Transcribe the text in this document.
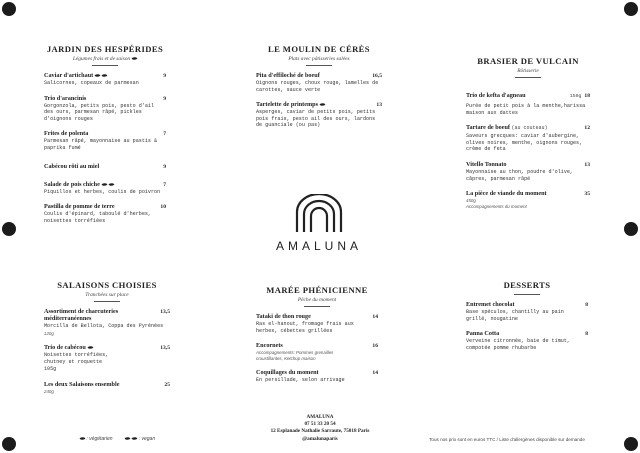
JARDIN DES HESPÉRIDES
Légumes frais et de saison
Caviar d'artichaut	9
Salicornes, copeaux de parmesan
Trio d'arancinis	9
Gorgonzola, petits pois, pesto d'ail des ours, parmesan râpé, pickles d'oignons rouges
Frites de polenta	7
Parmesan râpé, mayonnaise au pastis & paprika fumé
Cabécou rôti au miel	9
Salade de pois chiche	7
Piquillos et herbes, coulis de poivron
Pastilla de pomme de terre	10
Coulis d'épinard, taboulé d'herbes, noisettes torréfiées
LE MOULIN DE CÉRÈS
Plats avec pâtisseries salées
Pita d'effiloché de boeuf	16,5
Oignons rouges, choux rouge, lamelles de carottes, sauce verte
Tartelette de printemps	13
Asperges, caviar de petits pois, petits pois frais, pesto ail des ours, lardons de guanciale (ou pas)
AMALUNA
BRASIER DE VULCAIN
Rôtisserie
Trio de kefta d'agneau	150g 18
Purée de petit pois à la menthe,harissa maison aux dattes
Tartare de boeuf (au couteau)	12
Saveurs grecques: caviar d'aubergine, olives noires, menthe, oignons rouges, crème de feta
Vitello Tonnato	13
Mayonnaise au thon, poudre d'olive, câpres, parmesan râpé
La pièce de viande du moment	35
450g
Accompagnements du moment
SALAISONS CHOISIES
Tranchées sur place
Assortiment de charcuteries méditerranéennes
13,5
Morcilla de Bellota, Coppa des Pyrénées
120g
Trio de cabécou	13,5
Noisettes torréfiées, chutney et roquette
105g
Les deux Salaisons ensemble	25
240g
MARÉE PHÉNICIENNE
Pêche du moment
Tataki de thon rouge	14
Ras el-hanout, fromage frais aux herbes, cébettes grillées
Encornets	16
Accompagnements: Pommes grenailles croustillantes, Ketchup maison
Coquillages du moment	14
En persillade, selon arrivage
DESSERTS
Entremet chocolat	8
Base spéculos, chantilly au pain grillé, nougatine
Panna Cotta	8
Verveine citronnée, baie de timut, compotée pomme rhubarbe
: végétarien	: vegan
AMALUNA
07 51 33 20 54
12 Esplanade Nathalie Sarraute, 75018 Paris
@amalunaparis	Tous nos prix sont en euros TTC / Liste d'allergènes disponible sur demande
